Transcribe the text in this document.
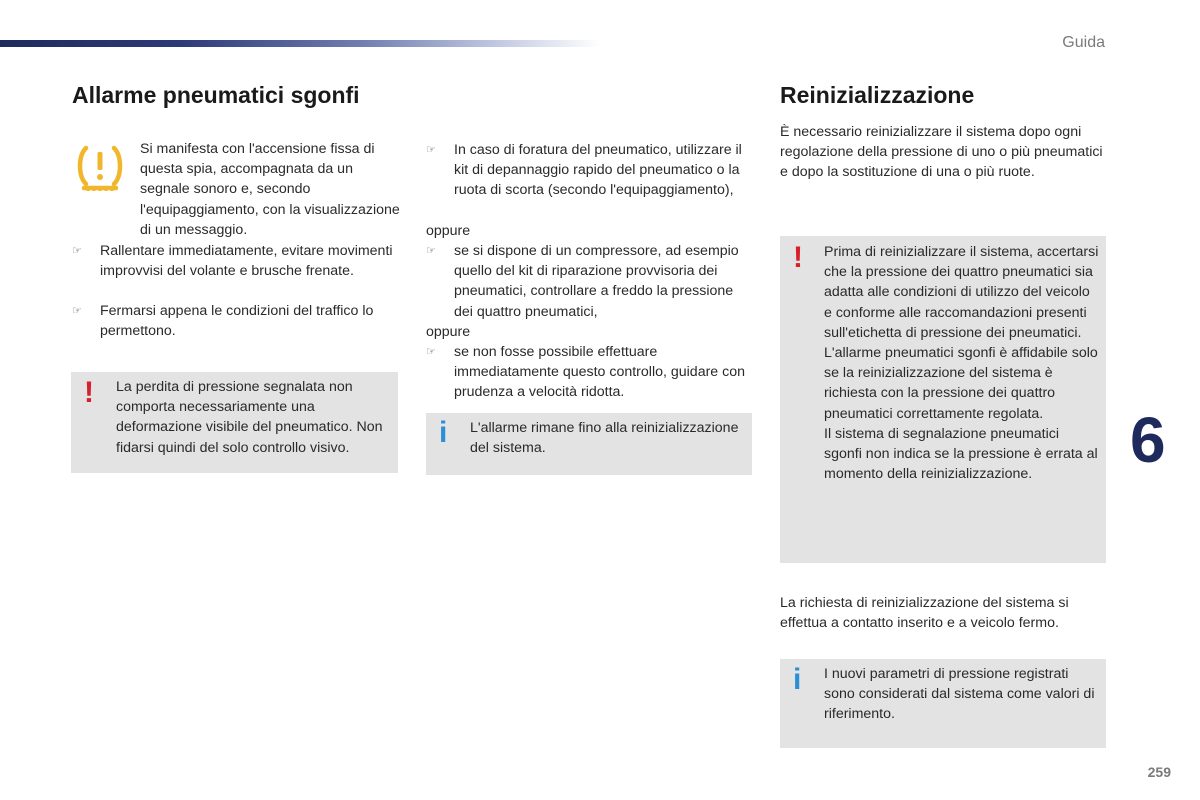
Guida
Allarme pneumatici sgonfi
Si manifesta con l'accensione fissa di questa spia, accompagnata da un segnale sonoro e, secondo l'equipaggiamento, con la visualizzazione di un messaggio.
☞	Rallentare immediatamente, evitare movimenti improvvisi del volante e brusche frenate.
☞	Fermarsi appena le condizioni del traffico lo permettono.
! La perdita di pressione segnalata non comporta necessariamente una deformazione visibile del pneumatico. Non fidarsi quindi del solo controllo visivo.
☞	In caso di foratura del pneumatico, utilizzare il kit di depannaggio rapido del pneumatico o la ruota di scorta (secondo l'equipaggiamento),
oppure
☞	se si dispone di un compressore, ad esempio quello del kit di riparazione provvisoria dei pneumatici, controllare a freddo la pressione dei quattro pneumatici,
oppure
☞	se non fosse possibile effettuare immediatamente questo controllo, guidare con prudenza a velocità ridotta.
i L'allarme rimane fino alla reinizializzazione del sistema.
Reinizializzazione
È necessario reinizializzare il sistema dopo ogni regolazione della pressione di uno o più pneumatici e dopo la sostituzione di una o più ruote.
! Prima di reinizializzare il sistema, accertarsi che la pressione dei quattro pneumatici sia adatta alle condizioni di utilizzo del veicolo e conforme alle raccomandazioni presenti sull'etichetta di pressione dei pneumatici.
L'allarme pneumatici sgonfi è affidabile solo se la reinizializzazione del sistema è richiesta con la pressione dei quattro pneumatici correttamente regolata.
Il sistema di segnalazione pneumatici sgonfi non indica se la pressione è errata al momento della reinizializzazione.
La richiesta di reinizializzazione del sistema si effettua a contatto inserito e a veicolo fermo.
i I nuovi parametri di pressione registrati sono considerati dal sistema come valori di riferimento.
6
259
